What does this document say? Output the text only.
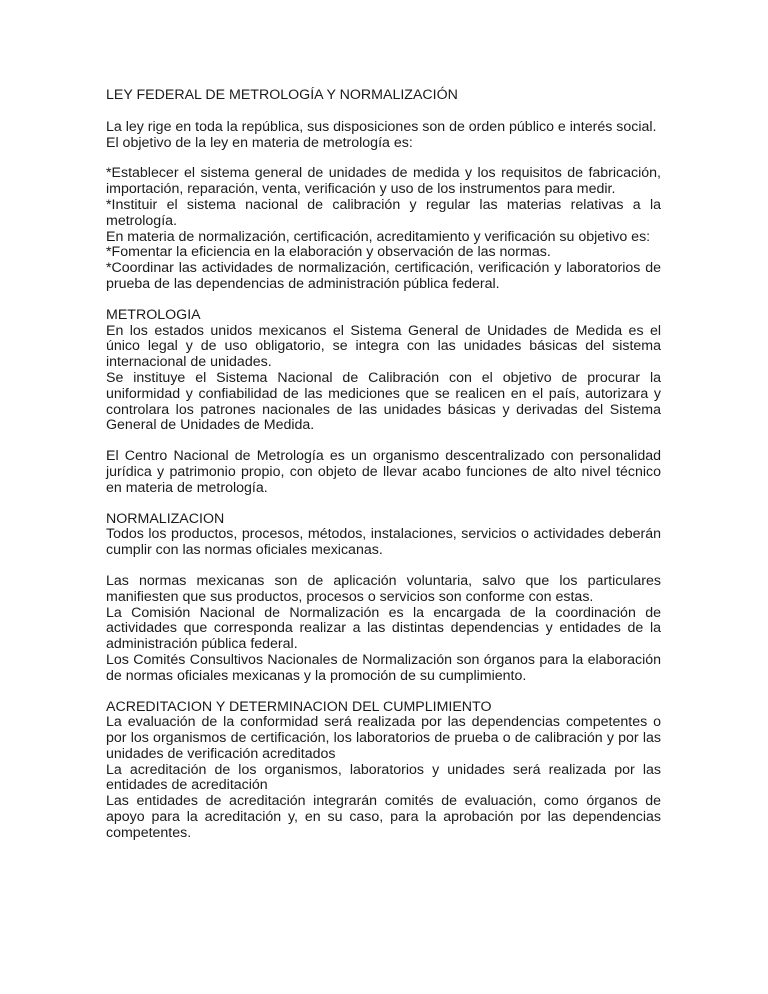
LEY FEDERAL DE METROLOGÍA Y NORMALIZACIÓN

La ley rige en toda la república, sus disposiciones son de orden público e interés social.

El objetivo de la ley en materia de metrología es:

*Establecer el sistema general de unidades de medida y los requisitos de fabricación, importación, reparación, venta, verificación y uso de los instrumentos para medir.

*Instituir el sistema nacional de calibración y regular las materias relativas a la metrología.

En materia de normalización, certificación, acreditamiento y verificación su objetivo es:

*Fomentar la eficiencia en la elaboración y observación de las normas.

*Coordinar las actividades de normalización, certificación, verificación y laboratorios de prueba de las dependencias de administración pública federal.

METROLOGIA

En los estados unidos mexicanos el Sistema General de Unidades de Medida es el único legal y de uso obligatorio, se integra con las unidades básicas del sistema internacional de unidades.

Se instituye el Sistema Nacional de Calibración con el objetivo de procurar la uniformidad y confiabilidad de las mediciones que se realicen en el país, autorizara y controlara los patrones nacionales de las unidades básicas y derivadas del Sistema General de Unidades de Medida.

El Centro Nacional de Metrología es un organismo descentralizado con personalidad jurídica y patrimonio propio, con objeto de llevar acabo funciones de alto nivel técnico en materia de metrología.

NORMALIZACION

Todos los productos, procesos, métodos, instalaciones, servicios o actividades deberán cumplir con las normas oficiales mexicanas.

Las normas mexicanas son de aplicación voluntaria, salvo que los particulares manifiesten que sus productos, procesos o servicios son conforme con estas.

La Comisión Nacional de Normalización es la encargada de la coordinación de actividades que corresponda realizar a las distintas dependencias y entidades de la administración pública federal.

Los Comités Consultivos Nacionales de Normalización son órganos para la elaboración de normas oficiales mexicanas y la promoción de su cumplimiento.

ACREDITACION Y DETERMINACION DEL CUMPLIMIENTO

La evaluación de la conformidad será realizada por las dependencias competentes o por los organismos de certificación, los laboratorios de prueba o de calibración y por las unidades de verificación acreditados

La acreditación de los organismos, laboratorios y unidades será realizada por las entidades de acreditación

Las entidades de acreditación integrarán comités de evaluación, como órganos de apoyo para la acreditación y, en su caso, para la aprobación por las dependencias competentes.
